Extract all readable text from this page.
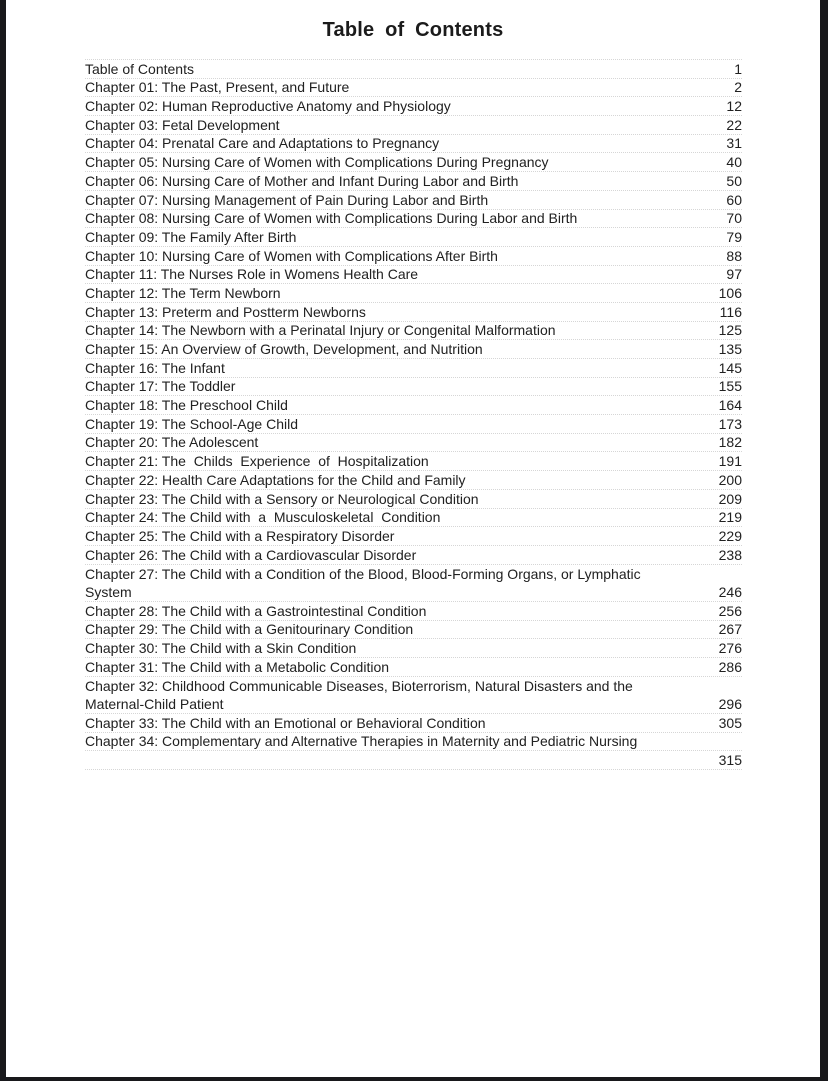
Table of Contents
Table of Contents	1
Chapter 01: The Past, Present, and Future	2
Chapter 02: Human Reproductive Anatomy and Physiology	12
Chapter 03: Fetal Development	22
Chapter 04: Prenatal Care and Adaptations to Pregnancy	31
Chapter 05: Nursing Care of Women with Complications During Pregnancy	40
Chapter 06: Nursing Care of Mother and Infant During Labor and Birth	50
Chapter 07: Nursing Management of Pain During Labor and Birth	60
Chapter 08: Nursing Care of Women with Complications During Labor and Birth	70
Chapter 09: The Family After Birth	79
Chapter 10: Nursing Care of Women with Complications After Birth	88
Chapter 11: The Nurses Role in Womens Health Care	97
Chapter 12: The Term Newborn	106
Chapter 13: Preterm and Postterm Newborns	116
Chapter 14: The Newborn with a Perinatal Injury or Congenital Malformation	125
Chapter 15: An Overview of Growth, Development, and Nutrition	135
Chapter 16: The Infant	145
Chapter 17: The Toddler	155
Chapter 18: The Preschool Child	164
Chapter 19: The School-Age Child	173
Chapter 20: The Adolescent	182
Chapter 21: The  Childs  Experience  of  Hospitalization	191
Chapter 22: Health Care Adaptations for the Child and Family	200
Chapter 23: The Child with a Sensory or Neurological Condition	209
Chapter 24: The Child with  a  Musculoskeletal  Condition	219
Chapter 25: The Child with a Respiratory Disorder	229
Chapter 26: The Child with a Cardiovascular Disorder	238
Chapter 27: The Child with a Condition of the Blood, Blood-Forming Organs, or Lymphatic
System	246
Chapter 28: The Child with a Gastrointestinal Condition	256
Chapter 29: The Child with a Genitourinary Condition	267
Chapter 30: The Child with a Skin Condition	276
Chapter 31: The Child with a Metabolic Condition	286
Chapter 32: Childhood Communicable Diseases, Bioterrorism, Natural Disasters and the
Maternal-Child Patient	296
Chapter 33: The Child with an Emotional or Behavioral Condition	305
Chapter 34: Complementary and Alternative Therapies in Maternity and Pediatric Nursing
315
